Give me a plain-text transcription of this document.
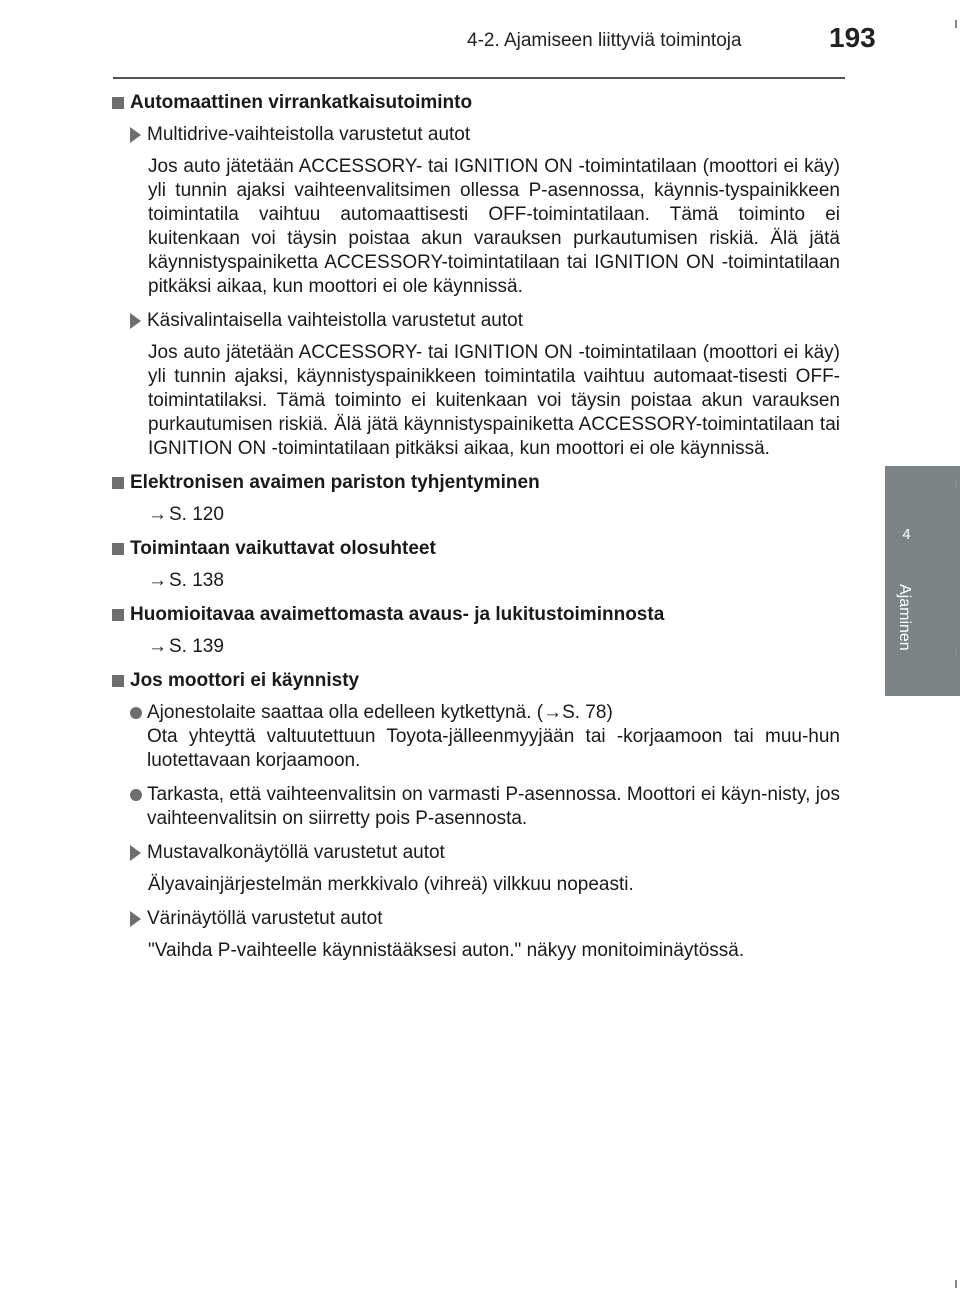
4-2. Ajamiseen liittyviä toimintoja	193
4
Ajaminen
Automaattinen virrankatkaisutoiminto
Multidrive-vaihteistolla varustetut autot
Jos auto jätetään ACCESSORY- tai IGNITION ON -toimintatilaan (moottori ei käy) yli tunnin ajaksi vaihteenvalitsimen ollessa P-asennossa, käynnis-tyspainikkeen toimintatila vaihtuu automaattisesti OFF-toimintatilaan. Tämä toiminto ei kuitenkaan voi täysin poistaa akun varauksen purkautumisen riskiä. Älä jätä käynnistyspainiketta ACCESSORY-toimintatilaan tai IGNITION ON -toimintatilaan pitkäksi aikaa, kun moottori ei ole käynnissä.
Käsivalintaisella vaihteistolla varustetut autot
Jos auto jätetään ACCESSORY- tai IGNITION ON -toimintatilaan (moottori ei käy) yli tunnin ajaksi, käynnistyspainikkeen toimintatila vaihtuu automaat-tisesti OFF-toimintatilaksi. Tämä toiminto ei kuitenkaan voi täysin poistaa akun varauksen purkautumisen riskiä. Älä jätä käynnistyspainiketta ACCESSORY-toimintatilaan tai IGNITION ON -toimintatilaan pitkäksi aikaa, kun moottori ei ole käynnissä.
Elektronisen avaimen pariston tyhjentyminen
→ S. 120
Toimintaan vaikuttavat olosuhteet
→ S. 138
Huomioitavaa avaimettomasta avaus- ja lukitustoiminnosta
→ S. 139
Jos moottori ei käynnisty
Ajonestolaite saattaa olla edelleen kytkettynä. (→S. 78)
Ota yhteyttä valtuutettuun Toyota-jälleenmyyjään tai -korjaamoon tai muu-hun luotettavaan korjaamoon.
Tarkasta, että vaihteenvalitsin on varmasti P-asennossa. Moottori ei käyn-nisty, jos vaihteenvalitsin on siirretty pois P-asennosta.
Mustavalkonäytöllä varustetut autot
Älyavainjärjestelmän merkkivalo (vihreä) vilkkuu nopeasti.
Värinäytöllä varustetut autot
"Vaihda P-vaihteelle käynnistääksesi auton." näkyy monitoiminäytössä.
